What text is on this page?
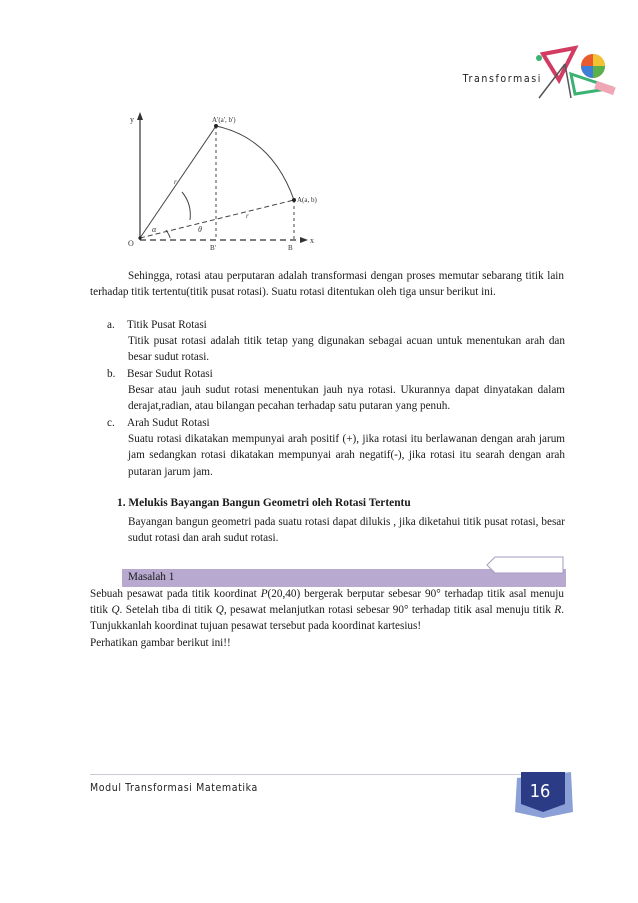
Transformasi
y
x
O
A'(a', b')
A(a, b)
B'	B
r
r
α	θ
Sehingga, rotasi atau perputaran adalah transformasi dengan proses memutar sebarang titik lain terhadap titik tertentu(titik pusat rotasi). Suatu rotasi ditentukan oleh tiga unsur berikut ini.
a.	Titik Pusat Rotasi
Titik pusat rotasi adalah titik tetap yang digunakan sebagai acuan untuk menentukan arah dan besar sudut rotasi.
b.	Besar Sudut Rotasi
Besar atau jauh sudut rotasi menentukan jauh nya rotasi. Ukurannya dapat dinyatakan dalam derajat,radian, atau bilangan pecahan terhadap satu putaran yang penuh.
c.	Arah Sudut Rotasi
Suatu rotasi dikatakan mempunyai arah positif (+), jika rotasi itu berlawanan dengan arah jarum jam sedangkan rotasi dikatakan mempunyai arah negatif(-), jika rotasi itu searah dengan arah putaran jarum jam.
1. Melukis Bayangan Bangun Geometri oleh Rotasi Tertentu
Bayangan bangun geometri pada suatu rotasi dapat dilukis , jika diketahui titik pusat rotasi, besar sudut rotasi dan arah sudut rotasi.
Masalah 1
Sebuah pesawat pada titik koordinat P(20,40) bergerak berputar sebesar 90° terhadap titik asal menuju titik Q. Setelah tiba di titik Q, pesawat melanjutkan rotasi sebesar 90° terhadap titik asal menuju titik R. Tunjukkanlah koordinat tujuan pesawat tersebut pada koordinat kartesius!
Perhatikan gambar berikut ini!!
Modul Transformasi Matematika	16
